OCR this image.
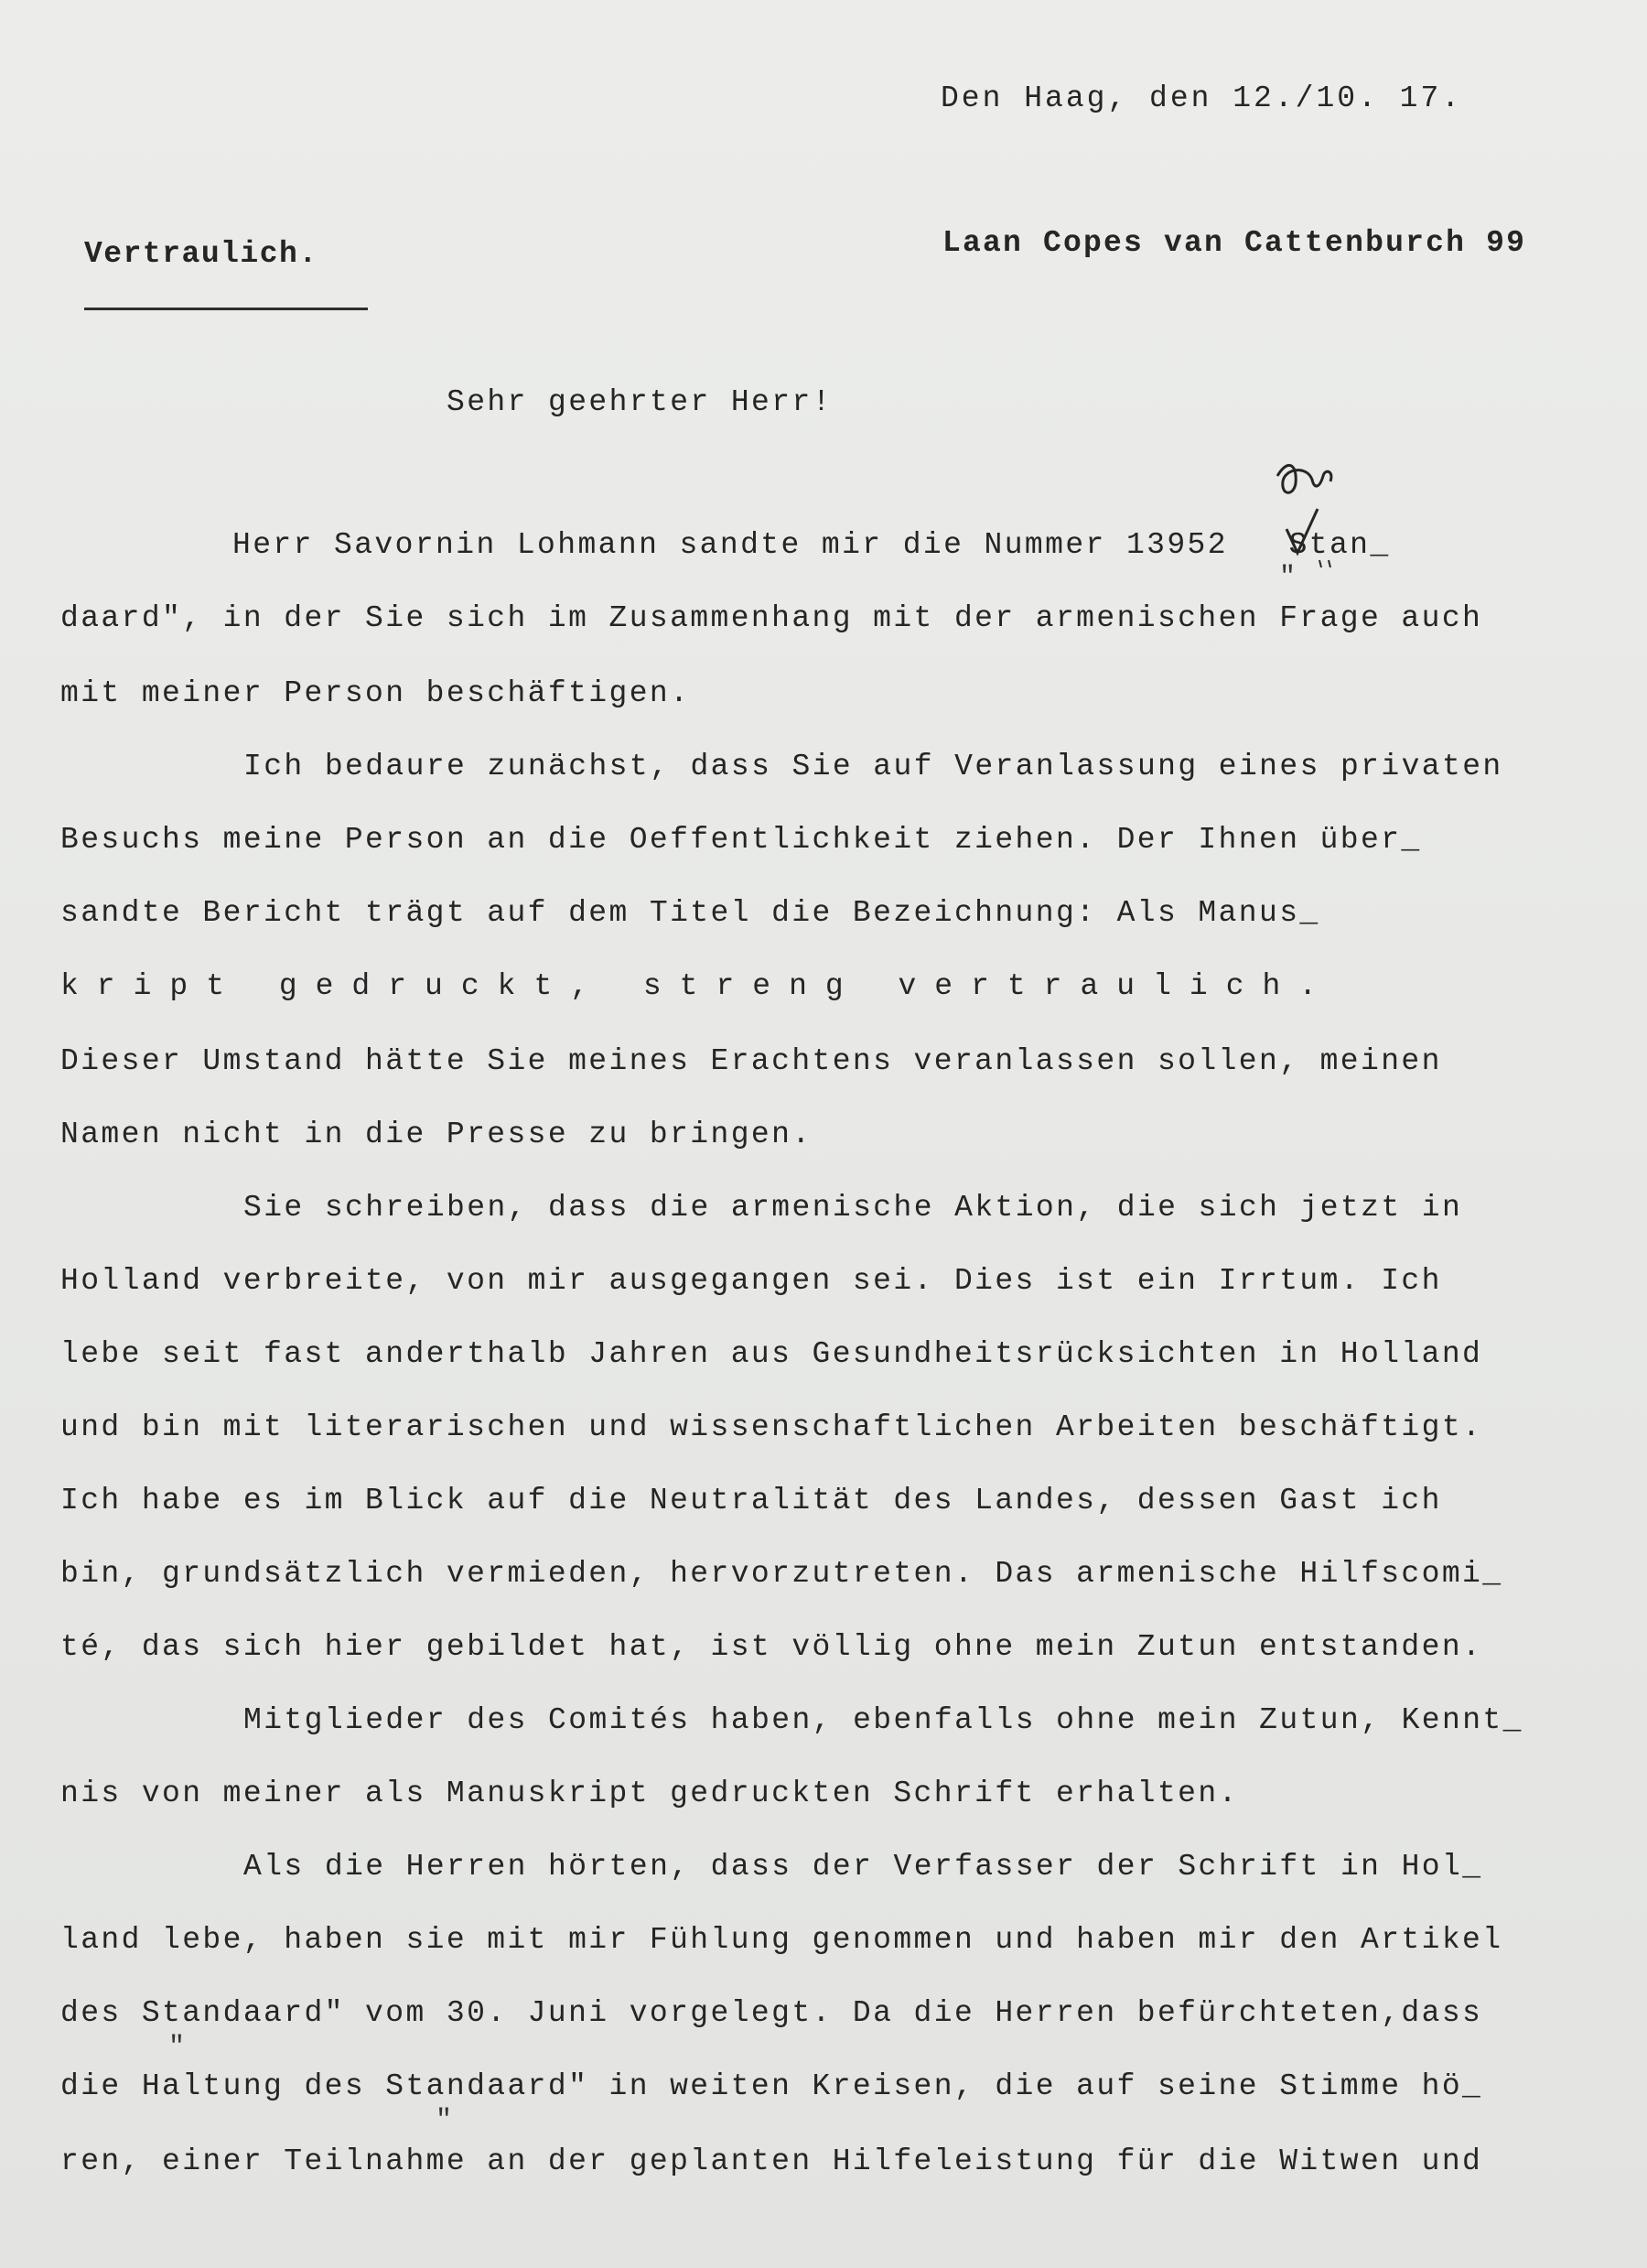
Den Haag, den 12./10. 17.
Laan Copes van Cattenburch 99
Vertraulich.
Sehr geehrter Herr!
Herr Savornin Lohmann sandte mir die Nummer 13952   Stan_
daard", in der Sie sich im Zusammenhang mit der armenischen Frage auch
mit meiner Person beschäftigen.
Ich bedaure zunächst, dass Sie auf Veranlassung eines privaten
Besuchs meine Person an die Oeffentlichkeit ziehen. Der Ihnen über_
sandte Bericht trägt auf dem Titel die Bezeichnung: Als Manus_
kript gedruckt, streng vertraulich.
Dieser Umstand hätte Sie meines Erachtens veranlassen sollen, meinen
Namen nicht in die Presse zu bringen.
Sie schreiben, dass die armenische Aktion, die sich jetzt in
Holland verbreite, von mir ausgegangen sei. Dies ist ein Irrtum. Ich
lebe seit fast anderthalb Jahren aus Gesundheitsrücksichten in Holland
und bin mit literarischen und wissenschaftlichen Arbeiten beschäftigt.
Ich habe es im Blick auf die Neutralität des Landes, dessen Gast ich
bin, grundsätzlich vermieden, hervorzutreten. Das armenische Hilfscomi_
té, das sich hier gebildet hat, ist völlig ohne mein Zutun entstanden.
Mitglieder des Comités haben, ebenfalls ohne mein Zutun, Kennt_
nis von meiner als Manuskript gedruckten Schrift erhalten.
Als die Herren hörten, dass der Verfasser der Schrift in Hol_
land lebe, haben sie mit mir Fühlung genommen und haben mir den Artikel
des Standaard" vom 30. Juni vorgelegt. Da die Herren befürchteten,dass
die Haltung des Standaard" in weiten Kreisen, die auf seine Stimme hö_
ren, einer Teilnahme an der geplanten Hilfeleistung für die Witwen und
"
"
"
